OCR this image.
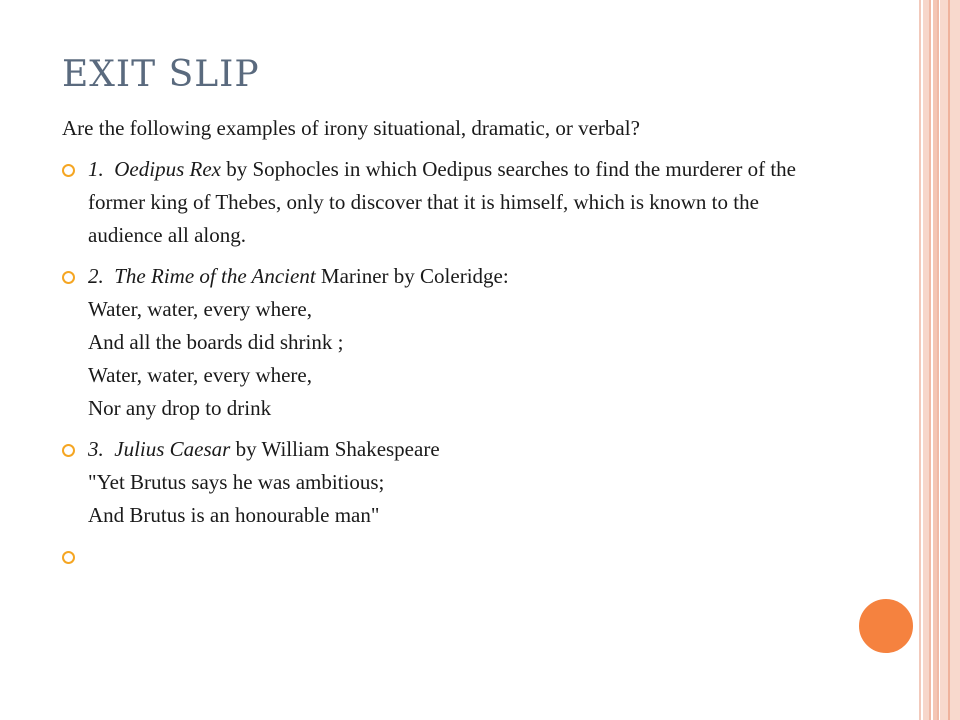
EXIT SLIP

Are the following examples of irony situational, dramatic, or verbal?

1. Oedipus Rex by Sophocles in which Oedipus searches to find the murderer of the former king of Thebes, only to discover that it is himself, which is known to the audience all along.
2. The Rime of the Ancient Mariner by Coleridge:
Water, water, every where,
And all the boards did shrink ;
Water, water, every where,
Nor any drop to drink
3. Julius Caesar by William Shakespeare
"Yet Brutus says he was ambitious;
And Brutus is an honourable man"
